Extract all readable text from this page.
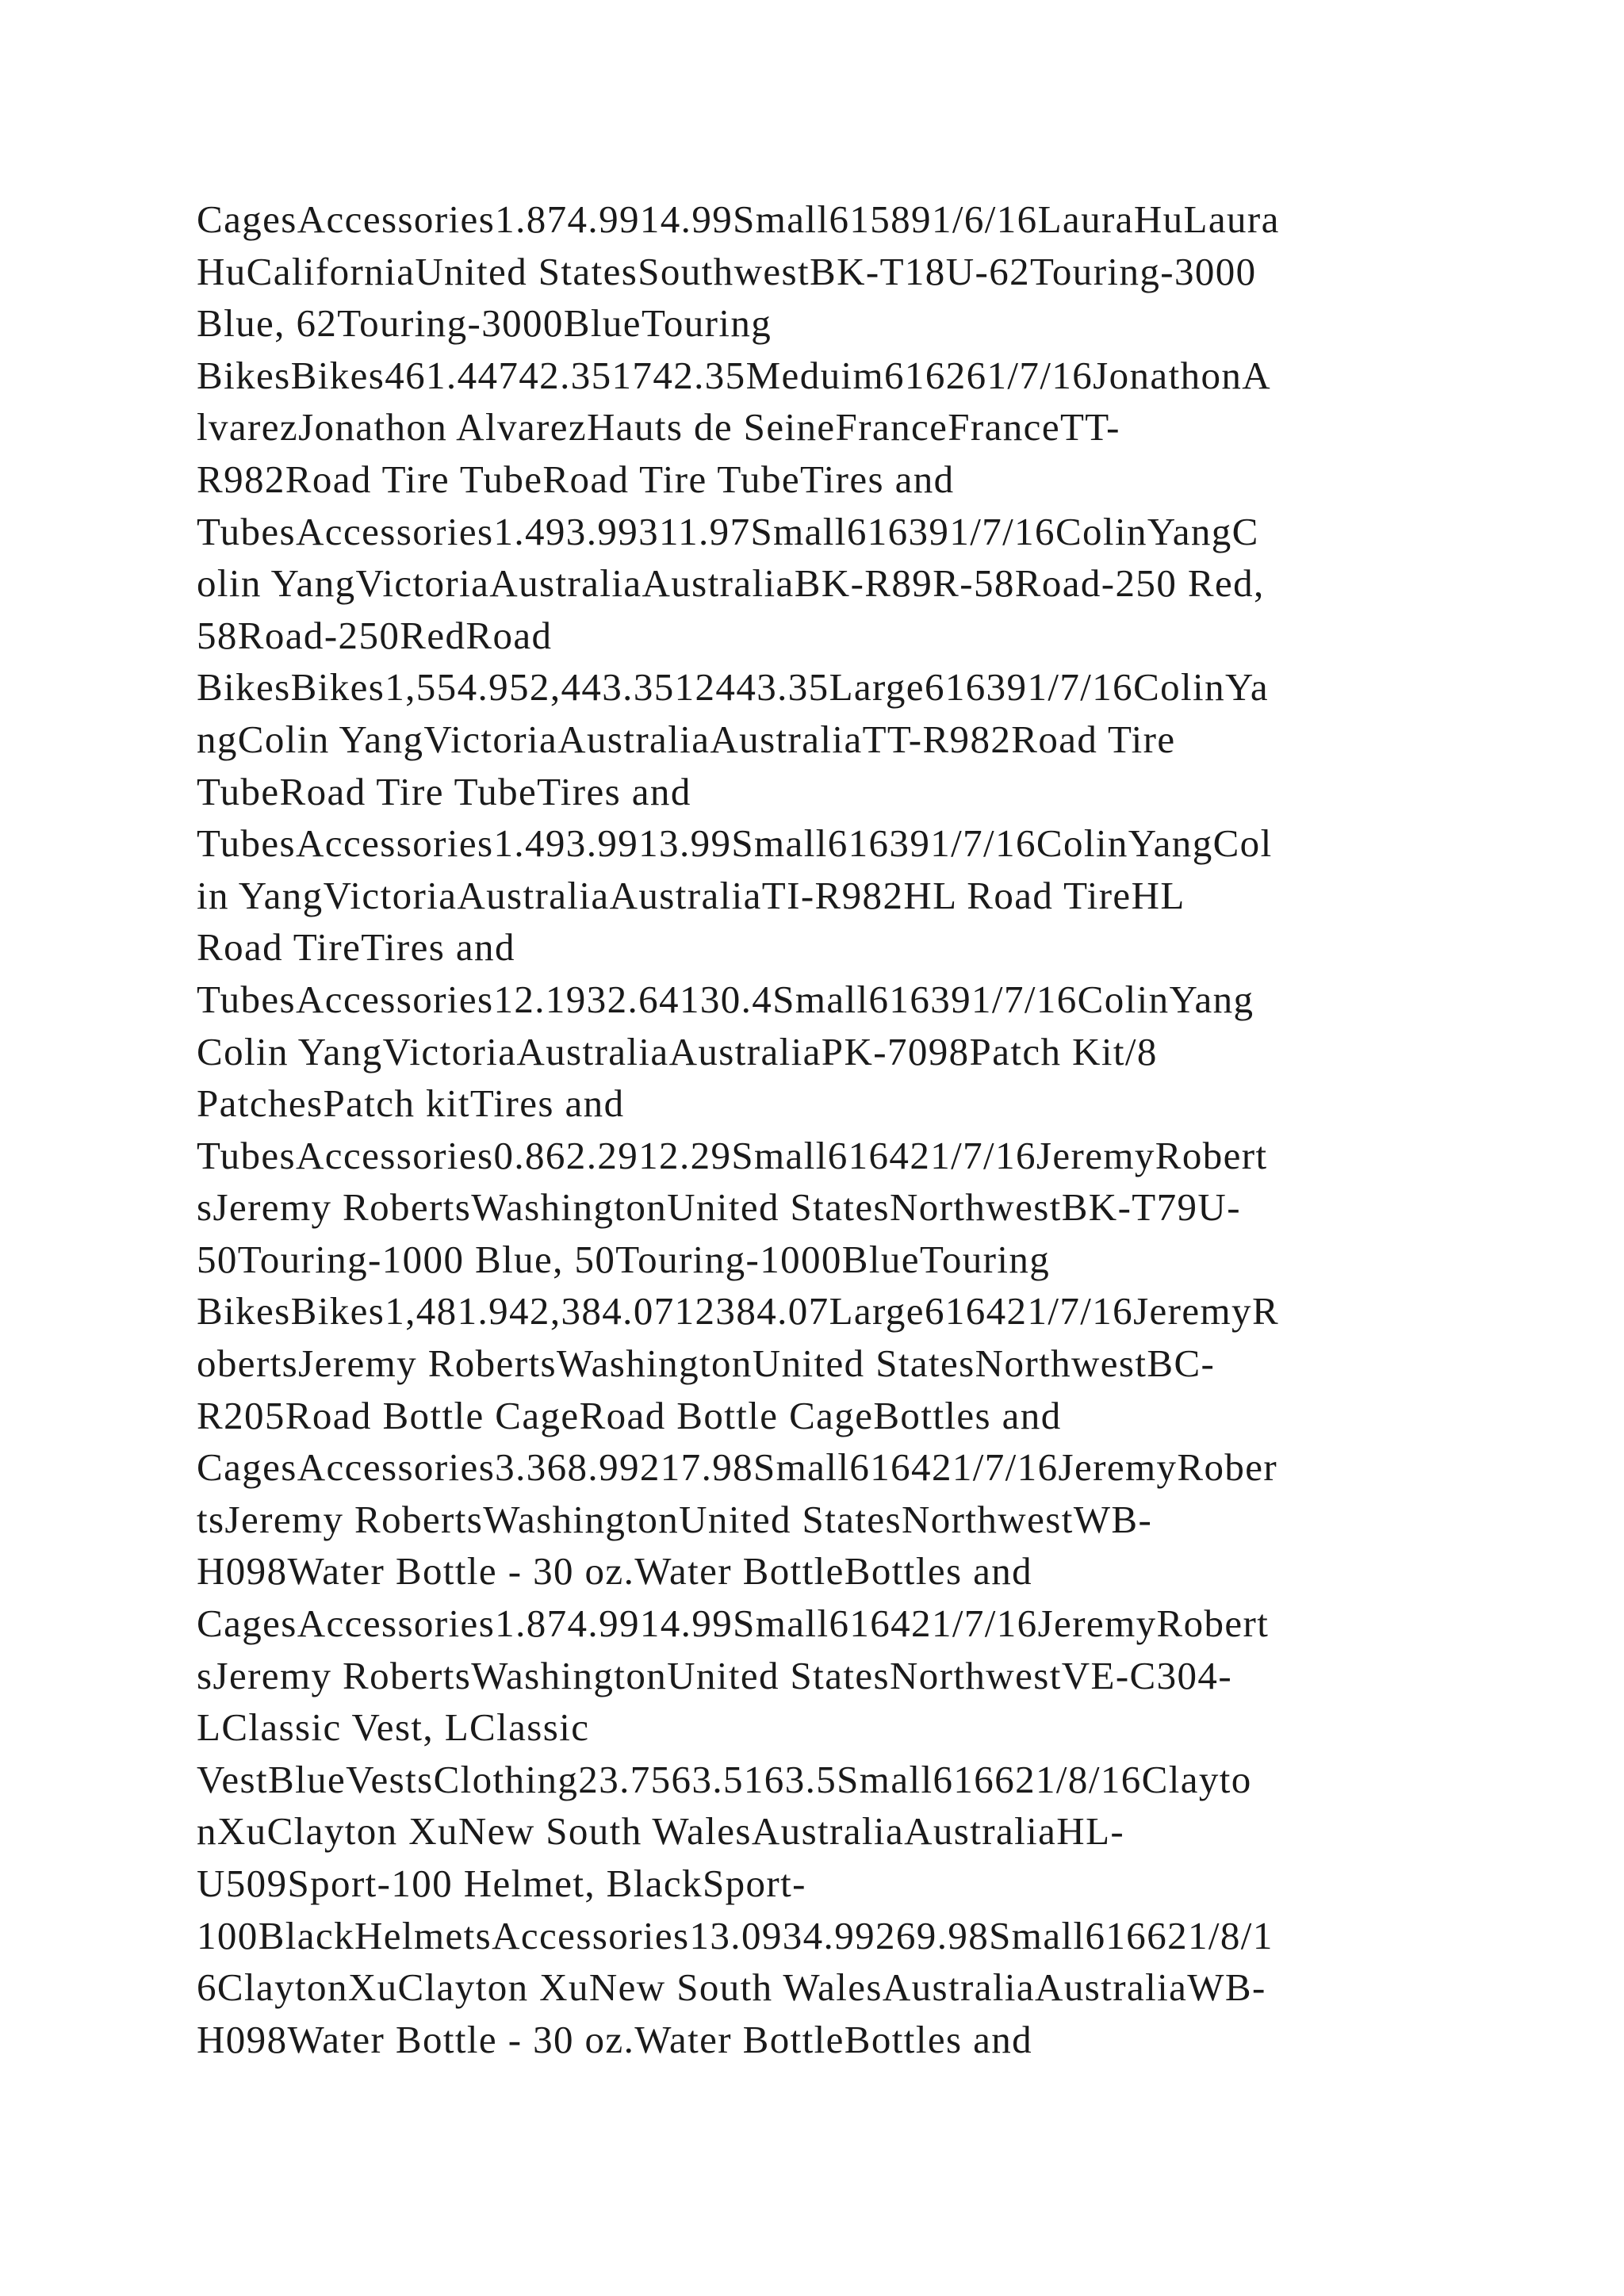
CagesAccessories1.874.9914.99Small615891/6/16LauraHuLaura
HuCaliforniaUnited StatesSouthwestBK-T18U-62Touring-3000
Blue, 62Touring-3000BlueTouring
BikesBikes461.44742.351742.35Meduim616261/7/16JonathonA
lvarezJonathon AlvarezHauts de SeineFranceFranceTT-
R982Road Tire TubeRoad Tire TubeTires and
TubesAccessories1.493.99311.97Small616391/7/16ColinYangC
olin YangVictoriaAustraliaAustraliaBK-R89R-58Road-250 Red,
58Road-250RedRoad
BikesBikes1,554.952,443.3512443.35Large616391/7/16ColinYa
ngColin YangVictoriaAustraliaAustraliaTT-R982Road Tire
TubeRoad Tire TubeTires and
TubesAccessories1.493.9913.99Small616391/7/16ColinYangCol
in YangVictoriaAustraliaAustraliaTI-R982HL Road TireHL
Road TireTires and
TubesAccessories12.1932.64130.4Small616391/7/16ColinYang
Colin YangVictoriaAustraliaAustraliaPK-7098Patch Kit/8
PatchesPatch kitTires and
TubesAccessories0.862.2912.29Small616421/7/16JeremyRobert
sJeremy RobertsWashingtonUnited StatesNorthwestBK-T79U-
50Touring-1000 Blue, 50Touring-1000BlueTouring
BikesBikes1,481.942,384.0712384.07Large616421/7/16JeremyR
obertsJeremy RobertsWashingtonUnited StatesNorthwestBC-
R205Road Bottle CageRoad Bottle CageBottles and
CagesAccessories3.368.99217.98Small616421/7/16JeremyRober
tsJeremy RobertsWashingtonUnited StatesNorthwestWB-
H098Water Bottle - 30 oz.Water BottleBottles and
CagesAccessories1.874.9914.99Small616421/7/16JeremyRobert
sJeremy RobertsWashingtonUnited StatesNorthwestVE-C304-
LClassic Vest, LClassic
VestBlueVestsClothing23.7563.5163.5Small616621/8/16Clayto
nXuClayton XuNew South WalesAustraliaAustraliaHL-
U509Sport-100 Helmet, BlackSport-
100BlackHelmetsAccessories13.0934.99269.98Small616621/8/1
6ClaytonXuClayton XuNew South WalesAustraliaAustraliaWB-
H098Water Bottle - 30 oz.Water BottleBottles and
